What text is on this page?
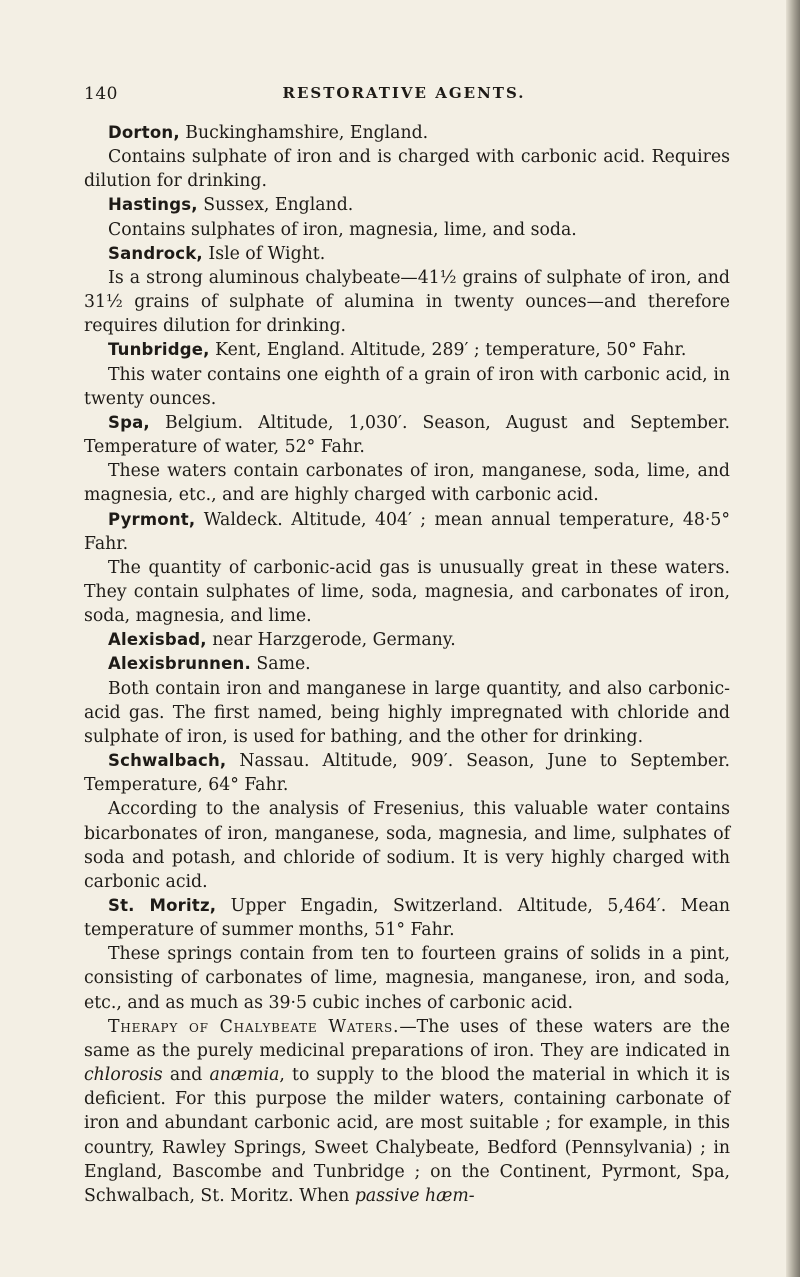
140	RESTORATIVE AGENTS.

Dorton, Buckinghamshire, England.

Contains sulphate of iron and is charged with carbonic acid. Requires dilution for drinking.

Hastings, Sussex, England.

Contains sulphates of iron, magnesia, lime, and soda.

Sandrock, Isle of Wight.

Is a strong aluminous chalybeate—41½ grains of sulphate of iron, and 31½ grains of sulphate of alumina in twenty ounces—and therefore requires dilution for drinking.

Tunbridge, Kent, England. Altitude, 289′ ; temperature, 50° Fahr.

This water contains one eighth of a grain of iron with carbonic acid, in twenty ounces.

Spa, Belgium. Altitude, 1,030′. Season, August and September. Temperature of water, 52° Fahr.

These waters contain carbonates of iron, manganese, soda, lime, and magnesia, etc., and are highly charged with carbonic acid.

Pyrmont, Waldeck. Altitude, 404′ ; mean annual temperature, 48·5° Fahr.

The quantity of carbonic-acid gas is unusually great in these waters. They contain sulphates of lime, soda, magnesia, and carbonates of iron, soda, magnesia, and lime.

Alexisbad, near Harzgerode, Germany.

Alexisbrunnen. Same.

Both contain iron and manganese in large quantity, and also carbonic-acid gas. The first named, being highly impregnated with chloride and sulphate of iron, is used for bathing, and the other for drinking.

Schwalbach, Nassau. Altitude, 909′. Season, June to September. Temperature, 64° Fahr.

According to the analysis of Fresenius, this valuable water contains bicarbonates of iron, manganese, soda, magnesia, and lime, sulphates of soda and potash, and chloride of sodium. It is very highly charged with carbonic acid.

St. Moritz, Upper Engadin, Switzerland. Altitude, 5,464′. Mean temperature of summer months, 51° Fahr.

These springs contain from ten to fourteen grains of solids in a pint, consisting of carbonates of lime, magnesia, manganese, iron, and soda, etc., and as much as 39·5 cubic inches of carbonic acid.

Therapy of Chalybeate Waters.—The uses of these waters are the same as the purely medicinal preparations of iron. They are indicated in chlorosis and anæmia, to supply to the blood the material in which it is deficient. For this purpose the milder waters, containing carbonate of iron and abundant carbonic acid, are most suitable ; for example, in this country, Rawley Springs, Sweet Chalybeate, Bedford (Pennsylvania) ; in England, Bascombe and Tunbridge ; on the Continent, Pyrmont, Spa, Schwalbach, St. Moritz. When passive hæm-
